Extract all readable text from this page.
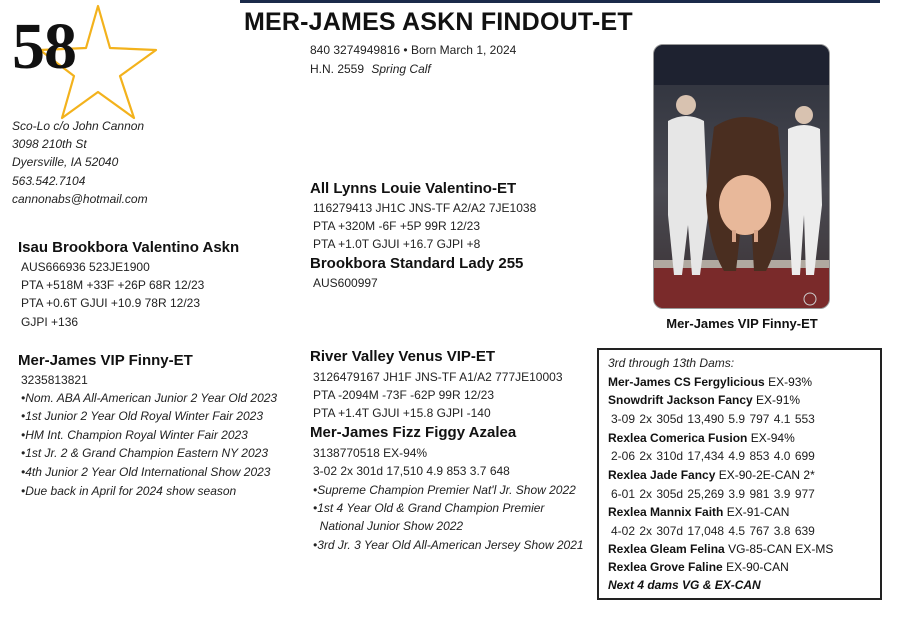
58	MER-JAMES ASKN FINDOUT-ET
840 3274949816 • Born March 1, 2024
H.N. 2559 Spring Calf
Sco-Lo c/o John Cannon
3098 210th St
Dyersville, IA 52040
563.542.7104
cannonabs@hotmail.com
Mer-James VIP Finny-ET
All Lynns Louie Valentino-ET
116279413 JH1C JNS-TF A2/A2 7JE1038
PTA +320M -6F +5P 99R 12/23
PTA +1.0T GJUI +16.7 GJPI +8
Brookbora Standard Lady 255
AUS600997
Isau Brookbora Valentino Askn
AUS666936 523JE1900
PTA +518M +33F +26P 68R 12/23
PTA +0.6T GJUI +10.9 78R 12/23
GJPI +136
Mer-James VIP Finny-ET
3235813821
•Nom. ABA All-American Junior 2 Year Old 2023
•1st Junior 2 Year Old Royal Winter Fair 2023
•HM Int. Champion Royal Winter Fair 2023
•1st Jr. 2 & Grand Champion Eastern NY 2023
•4th Junior 2 Year Old International Show 2023
•Due back in April for 2024 show season
River Valley Venus VIP-ET
3126479167 JH1F JNS-TF A1/A2 777JE10003
PTA -2094M -73F -62P 99R 12/23
PTA +1.4T GJUI +15.8 GJPI -140
Mer-James Fizz Figgy Azalea
3138770518 EX-94%
3-02 2x 301d 17,510 4.9 853 3.7 648
•Supreme Champion Premier Nat'l Jr. Show 2022
•1st 4 Year Old & Grand Champion Premier
National Junior Show 2022
•3rd Jr. 3 Year Old All-American Jersey Show 2021
3rd through 13th Dams:
Mer-James CS Fergylicious EX-93%
Snowdrift Jackson Fancy EX-91%
3-09 2x 305d 13,490 5.9 797 4.1 553
Rexlea Comerica Fusion EX-94%
2-06 2x 310d 17,434 4.9 853 4.0 699
Rexlea Jade Fancy EX-90-2E-CAN 2*
6-01 2x 305d 25,269 3.9 981 3.9 977
Rexlea Mannix Faith EX-91-CAN
4-02 2x 307d 17,048 4.5 767 3.8 639
Rexlea Gleam Felina VG-85-CAN EX-MS
Rexlea Grove Faline EX-90-CAN
Next 4 dams VG & EX-CAN
